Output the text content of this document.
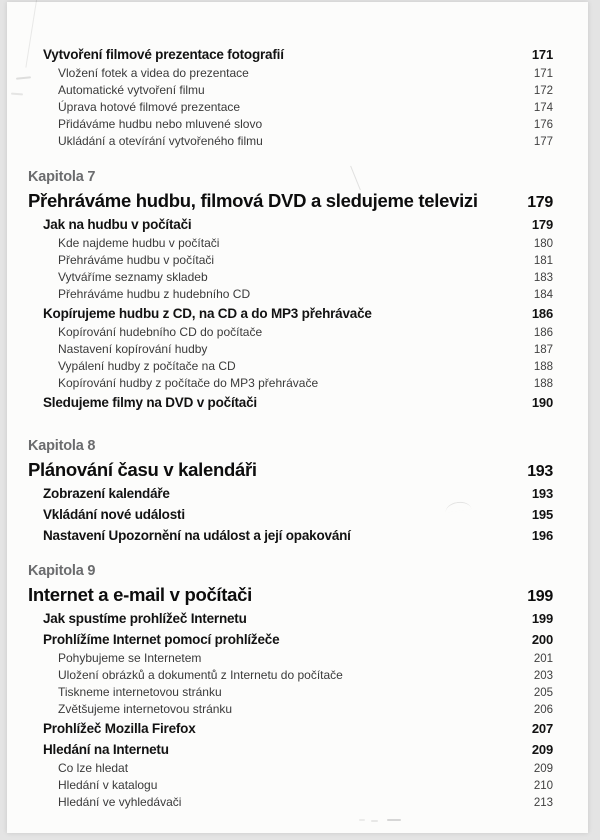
Vytvoření filmové prezentace fotografií	171
Vložení fotek a videa do prezentace	171
Automatické vytvoření filmu	172
Úprava hotové filmové prezentace	174
Přidáváme hudbu nebo mluvené slovo	176
Ukládání a otevírání vytvořeného filmu	177
Kapitola 7
Přehráváme hudbu, filmová DVD a sledujeme televizi	179
Jak na hudbu v počítači	179
Kde najdeme hudbu v počítači	180
Přehráváme hudbu v počítači	181
Vytváříme seznamy skladeb	183
Přehráváme hudbu z hudebního CD	184
Kopírujeme hudbu z CD, na CD a do MP3 přehrávače	186
Kopírování hudebního CD do počítače	186
Nastavení kopírování hudby	187
Vypálení hudby z počítače na CD	188
Kopírování hudby z počítače do MP3 přehrávače	188
Sledujeme filmy na DVD v počítači	190
Kapitola 8
Plánování času v kalendáři	193
Zobrazení kalendáře	193
Vkládání nové události	195
Nastavení Upozornění na událost a její opakování	196
Kapitola 9
Internet a e-mail v počítači	199
Jak spustíme prohlížeč Internetu	199
Prohlížíme Internet pomocí prohlížeče	200
Pohybujeme se Internetem	201
Uložení obrázků a dokumentů z Internetu do počítače	203
Tiskneme internetovou stránku	205
Zvětšujeme internetovou stránku	206
Prohlížeč Mozilla Firefox	207
Hledání na Internetu	209
Co lze hledat	209
Hledání v katalogu	210
Hledání ve vyhledávači	213
